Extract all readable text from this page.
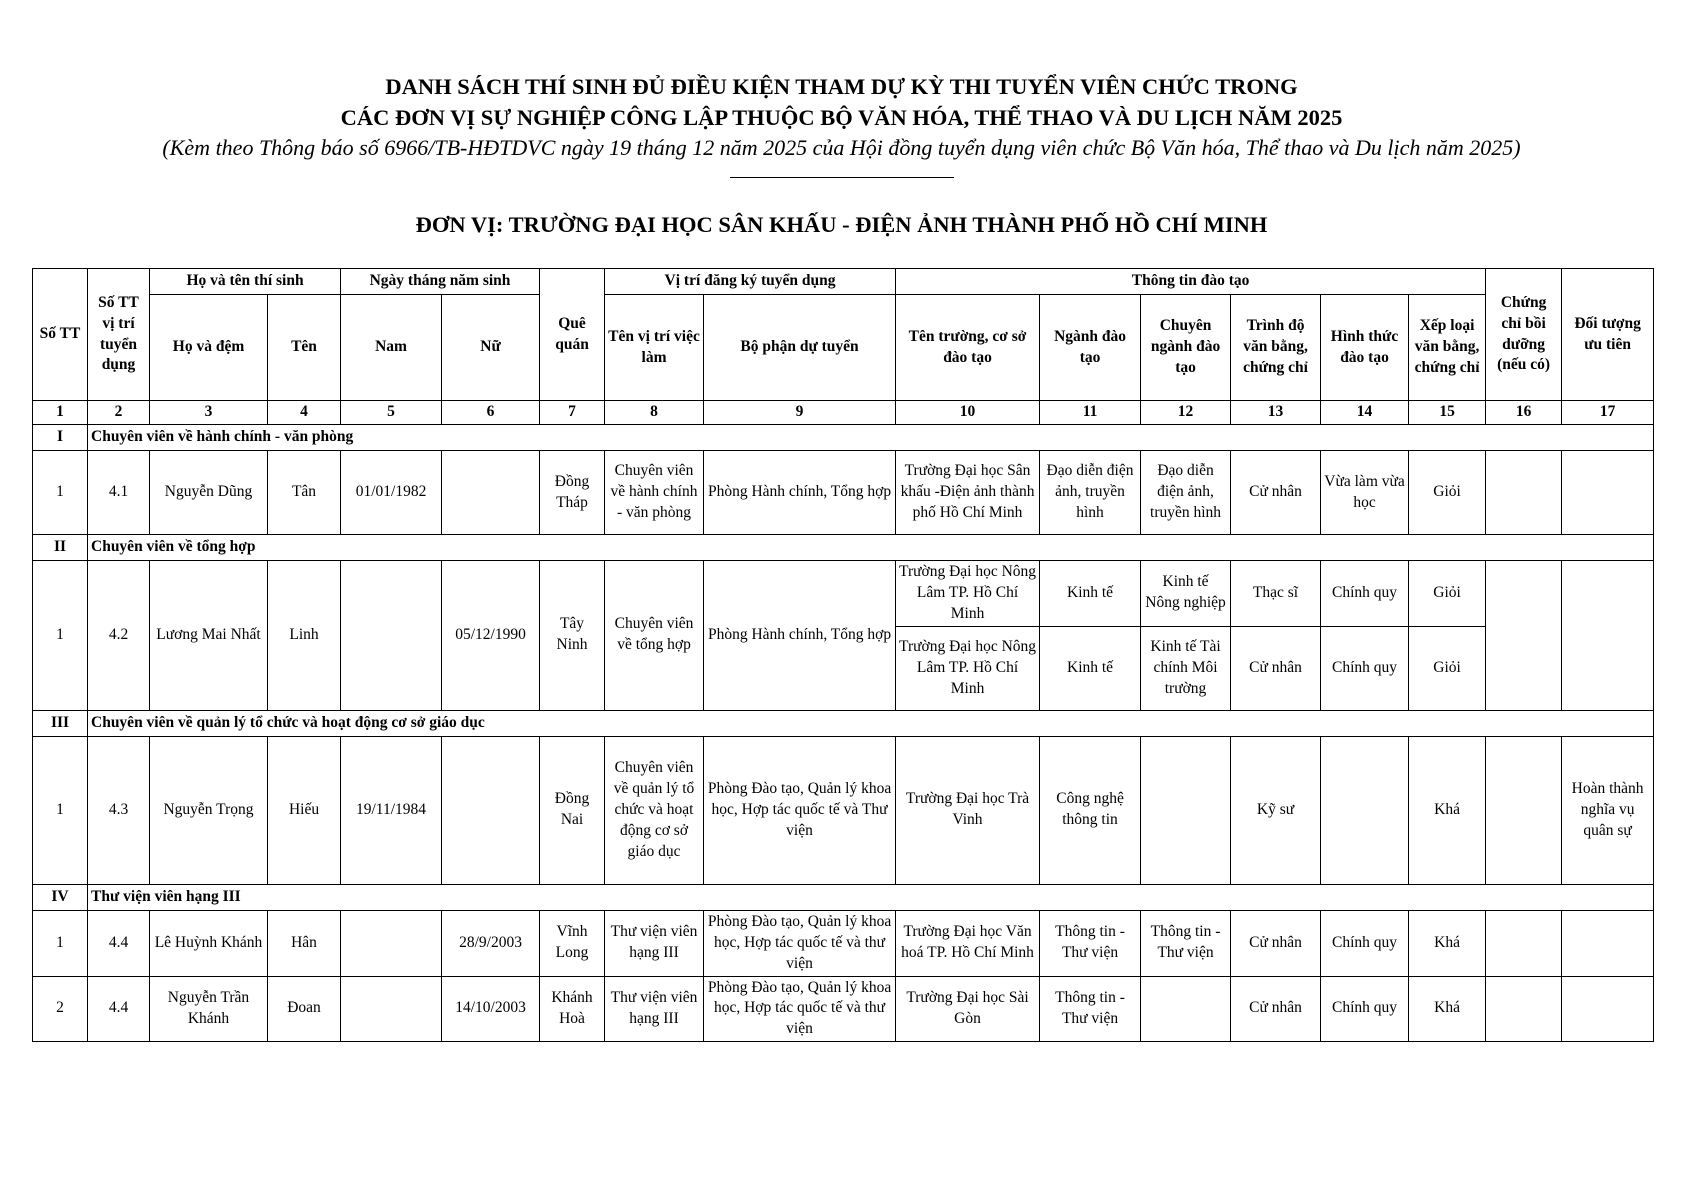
DANH SÁCH THÍ SINH ĐỦ ĐIỀU KIỆN THAM DỰ KỲ THI TUYỂN VIÊN CHỨC TRONG
CÁC ĐƠN VỊ SỰ NGHIỆP CÔNG LẬP THUỘC BỘ VĂN HÓA, THỂ THAO VÀ DU LỊCH NĂM 2025
(Kèm theo Thông báo số 6966/TB-HĐTDVC ngày 19 tháng 12 năm 2025 của Hội đồng tuyển dụng viên chức Bộ Văn hóa, Thể thao và Du lịch năm 2025)
ĐƠN VỊ: TRƯỜNG ĐẠI HỌC SÂN KHẤU - ĐIỆN ẢNH THÀNH PHỐ HỒ CHÍ MINH
Số TT	Số TT vị trí tuyển dụng	Họ và tên thí sinh		Ngày tháng năm sinh		Quê quán	Vị trí đăng ký tuyển dụng		Thông tin đào tạo						Chứng chỉ bồi dưỡng (nếu có)	Đối tượng ưu tiên
		Họ và đệm	Tên	Nam	Nữ		Tên vị trí việc làm	Bộ phận dự tuyển	Tên trường, cơ sở đào tạo	Ngành đào tạo	Chuyên ngành đào tạo	Trình độ văn bằng, chứng chỉ	Hình thức đào tạo	Xếp loại văn bằng, chứng chỉ		
1	2	3	4	5	6	7	8	9	10	11	12	13	14	15	16	17
I	Chuyên viên về hành chính - văn phòng															
1	4.1	Nguyễn Dũng	Tân	01/01/1982		Đồng Tháp	Chuyên viên về hành chính - văn phòng	Phòng Hành chính, Tổng hợp	Trường Đại học Sân khấu -Điện ảnh thành phố Hồ Chí Minh	Đạo diễn điện ảnh, truyền hình	Đạo diễn điện ảnh, truyền hình	Cử nhân	Vừa làm vừa học	Giỏi		
II	Chuyên viên về tổng hợp															
1	4.2	Lương Mai Nhất	Linh		05/12/1990	Tây Ninh	Chuyên viên về tổng hợp	Phòng Hành chính, Tổng hợp	Trường Đại học Nông Lâm TP. Hồ Chí Minh	Kinh tế	Kinh tế Nông nghiệp	Thạc sĩ	Chính quy	Giỏi		
									Trường Đại học Nông Lâm TP. Hồ Chí Minh	Kinh tế	Kinh tế Tài chính Môi trường	Cử nhân	Chính quy	Giỏi		
III	Chuyên viên về quản lý tổ chức và hoạt động cơ sở giáo dục															
1	4.3	Nguyễn Trọng	Hiếu	19/11/1984		Đồng Nai	Chuyên viên về quản lý tổ chức và hoạt động cơ sở giáo dục	Phòng Đào tạo, Quản lý khoa học, Hợp tác quốc tế và Thư viện	Trường Đại học Trà Vinh	Công nghệ thông tin		Kỹ sư		Khá		Hoàn thành nghĩa vụ quân sự
IV	Thư viện viên hạng III															
1	4.4	Lê Huỳnh Khánh	Hân		28/9/2003	Vĩnh Long	Thư viện viên hạng III	Phòng Đào tạo, Quản lý khoa học, Hợp tác quốc tế và thư viện	Trường Đại học Văn hoá TP. Hồ Chí Minh	Thông tin - Thư viện	Thông tin - Thư viện	Cử nhân	Chính quy	Khá		
2	4.4	Nguyễn Trần Khánh	Đoan		14/10/2003	Khánh Hoà	Thư viện viên hạng III	Phòng Đào tạo, Quản lý khoa học, Hợp tác quốc tế và thư viện	Trường Đại học Sài Gòn	Thông tin - Thư viện		Cử nhân	Chính quy	Khá		
